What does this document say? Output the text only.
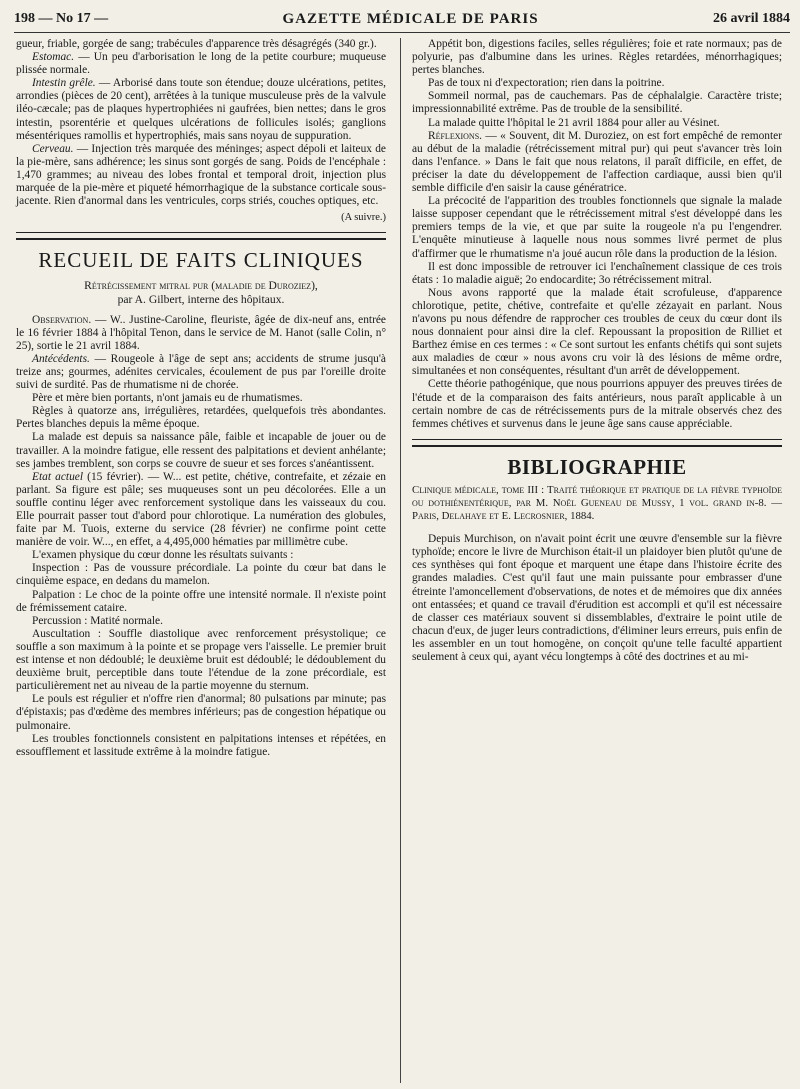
198 — No 17 —	GAZETTE MÉDICALE DE PARIS	26 avril 1884

gueur, friable, gorgée de sang; trabécules d'apparence très désagrégés (340 gr.).

Estomac. — Un peu d'arborisation le long de la petite courbure; muqueuse plissée normale.

Intestin grêle. — Arborisé dans toute son étendue; douze ulcérations, petites, arrondies (pièces de 20 cent), arrêtées à la tunique musculeuse près de la valvule iléo-cæcale; pas de plaques hypertrophiées ni gaufrées, bien nettes; dans le gros intestin, psorentérie et quelques ulcérations de follicules isolés; ganglions mésentériques ramollis et hypertrophiés, mais sans noyau de suppuration.

Cerveau. — Injection très marquée des méninges; aspect dépoli et laiteux de la pie-mère, sans adhérence; les sinus sont gorgés de sang. Poids de l'encéphale : 1,470 grammes; au niveau des lobes frontal et temporal droit, injection plus marquée de la pie-mère et piqueté hémorrhagique de la substance corticale sous-jacente. Rien d'anormal dans les ventricules, corps striés, couches optiques, etc.

(A suivre.)
RECUEIL DE FAITS CLINIQUES
Rétrécissement mitral pur (maladie de Duroziez),
par A. Gilbert, interne des hôpitaux.

Observation. — W.. Justine-Caroline, fleuriste, âgée de dix-neuf ans, entrée le 16 février 1884 à l'hôpital Tenon, dans le service de M. Hanot (salle Colin, n° 25), sortie le 21 avril 1884.

Antécédents. — Rougeole à l'âge de sept ans; accidents de strume jusqu'à treize ans; gourmes, adénites cervicales, écoulement de pus par l'oreille droite suivi de surdité. Pas de rhumatisme ni de chorée.

Père et mère bien portants, n'ont jamais eu de rhumatismes.

Règles à quatorze ans, irrégulières, retardées, quelquefois très abondantes. Pertes blanches depuis la même époque.

La malade est depuis sa naissance pâle, faible et incapable de jouer ou de travailler. A la moindre fatigue, elle ressent des palpitations et devient anhélante; ses jambes tremblent, son corps se couvre de sueur et ses forces s'anéantissent.

Etat actuel (15 février). — W... est petite, chétive, contrefaite, et zézaie en parlant. Sa figure est pâle; ses muqueuses sont un peu décolorées. Elle a un souffle continu léger avec renforcement systolique dans les vaisseaux du cou. Elle pourrait passer tout d'abord pour chlorotique. La numération des globules, faite par M. Tuois, externe du service (28 février) ne confirme point cette manière de voir. W..., en effet, a 4,495,000 hématies par millimètre cube.

L'examen physique du cœur donne les résultats suivants :

Inspection : Pas de voussure précordiale. La pointe du cœur bat dans le cinquième espace, en dedans du mamelon.

Palpation : Le choc de la pointe offre une intensité normale. Il n'existe point de frémissement cataire.

Percussion : Matité normale.

Auscultation : Souffle diastolique avec renforcement présystolique; ce souffle a son maximum à la pointe et se propage vers l'aisselle. Le premier bruit est intense et non dédoublé; le deuxième bruit est dédoublé; le dédoublement du deuxième bruit, perceptible dans toute l'étendue de la zone précordiale, est particulièrement net au niveau de la partie moyenne du sternum.

Le pouls est régulier et n'offre rien d'anormal; 80 pulsations par minute; pas d'épistaxis; pas d'œdème des membres inférieurs; pas de congestion hépatique ou pulmonaire.

Les troubles fonctionnels consistent en palpitations intenses et répétées, en essoufflement et lassitude extrême à la moindre fatigue.

Appétit bon, digestions faciles, selles régulières; foie et rate normaux; pas de polyurie, pas d'albumine dans les urines. Règles retardées, ménorrhagiques; pertes blanches.

Pas de toux ni d'expectoration; rien dans la poitrine.

Sommeil normal, pas de cauchemars. Pas de céphalalgie. Caractère triste; impressionnabilité extrême. Pas de trouble de la sensibilité.

La malade quitte l'hôpital le 21 avril 1884 pour aller au Vésinet.

Réflexions. — « Souvent, dit M. Duroziez, on est fort empêché de remonter au début de la maladie (rétrécissement mitral pur) qui peut s'avancer très loin dans l'enfance. » Dans le fait que nous relatons, il paraît difficile, en effet, de préciser la date du développement de l'affection cardiaque, aussi bien qu'il semble difficile d'en saisir la cause génératrice.

La précocité de l'apparition des troubles fonctionnels que signale la malade laisse supposer cependant que le rétrécissement mitral s'est développé dans les premiers temps de la vie, et que par suite la rougeole n'a pu l'engendrer. L'enquête minutieuse à laquelle nous nous sommes livré permet de plus d'affirmer que le rhumatisme n'a joué aucun rôle dans la production de la lésion.

Il est donc impossible de retrouver ici l'enchaînement classique de ces trois états : 1o maladie aiguë; 2o endocardite; 3o rétrécissement mitral.

Nous avons rapporté que la malade était scrofuleuse, d'apparence chlorotique, petite, chétive, contrefaite et qu'elle zézayait en parlant. Nous n'avons pu nous défendre de rapprocher ces troubles de ceux du cœur dont ils nous donnaient pour ainsi dire la clef. Repoussant la proposition de Rilliet et Barthez émise en ces termes : « Ce sont surtout les enfants chétifs qui sont sujets aux maladies de cœur » nous avons cru voir là des lésions de même ordre, simultanées et non conséquentes, résultant d'un arrêt de développement.

Cette théorie pathogénique, que nous pourrions appuyer des preuves tirées de l'étude et de la comparaison des faits antérieurs, nous paraît applicable à un certain nombre de cas de rétrécissements purs de la mitrale observés chez des femmes chétives et survenus dans le jeune âge sans cause appréciable.

BIBLIOGRAPHIE
Clinique médicale, tome III : Traité théorique et pratique de la fièvre typhoïde ou dothiénentérique, par M. Noël Gueneau de Mussy, 1 vol. grand in-8. — Paris, Delahaye et E. Lecrosnier, 1884.

Depuis Murchison, on n'avait point écrit une œuvre d'ensemble sur la fièvre typhoïde; encore le livre de Murchison était-il un plaidoyer bien plutôt qu'une de ces synthèses qui font époque et marquent une étape dans l'histoire écrite des grandes maladies. C'est qu'il faut une main puissante pour embrasser d'une étreinte l'amoncellement d'observations, de notes et de mémoires que dix années ont entassées; et quand ce travail d'érudition est accompli et qu'il est nécessaire de classer ces matériaux souvent si dissemblables, d'extraire le point utile de chacun d'eux, de juger leurs contradictions, d'éliminer leurs erreurs, puis enfin de les assembler en un tout homogène, on conçoit qu'une telle faculté appartient seulement à ceux qui, ayant vécu longtemps à côté des doctrines et au mi-
